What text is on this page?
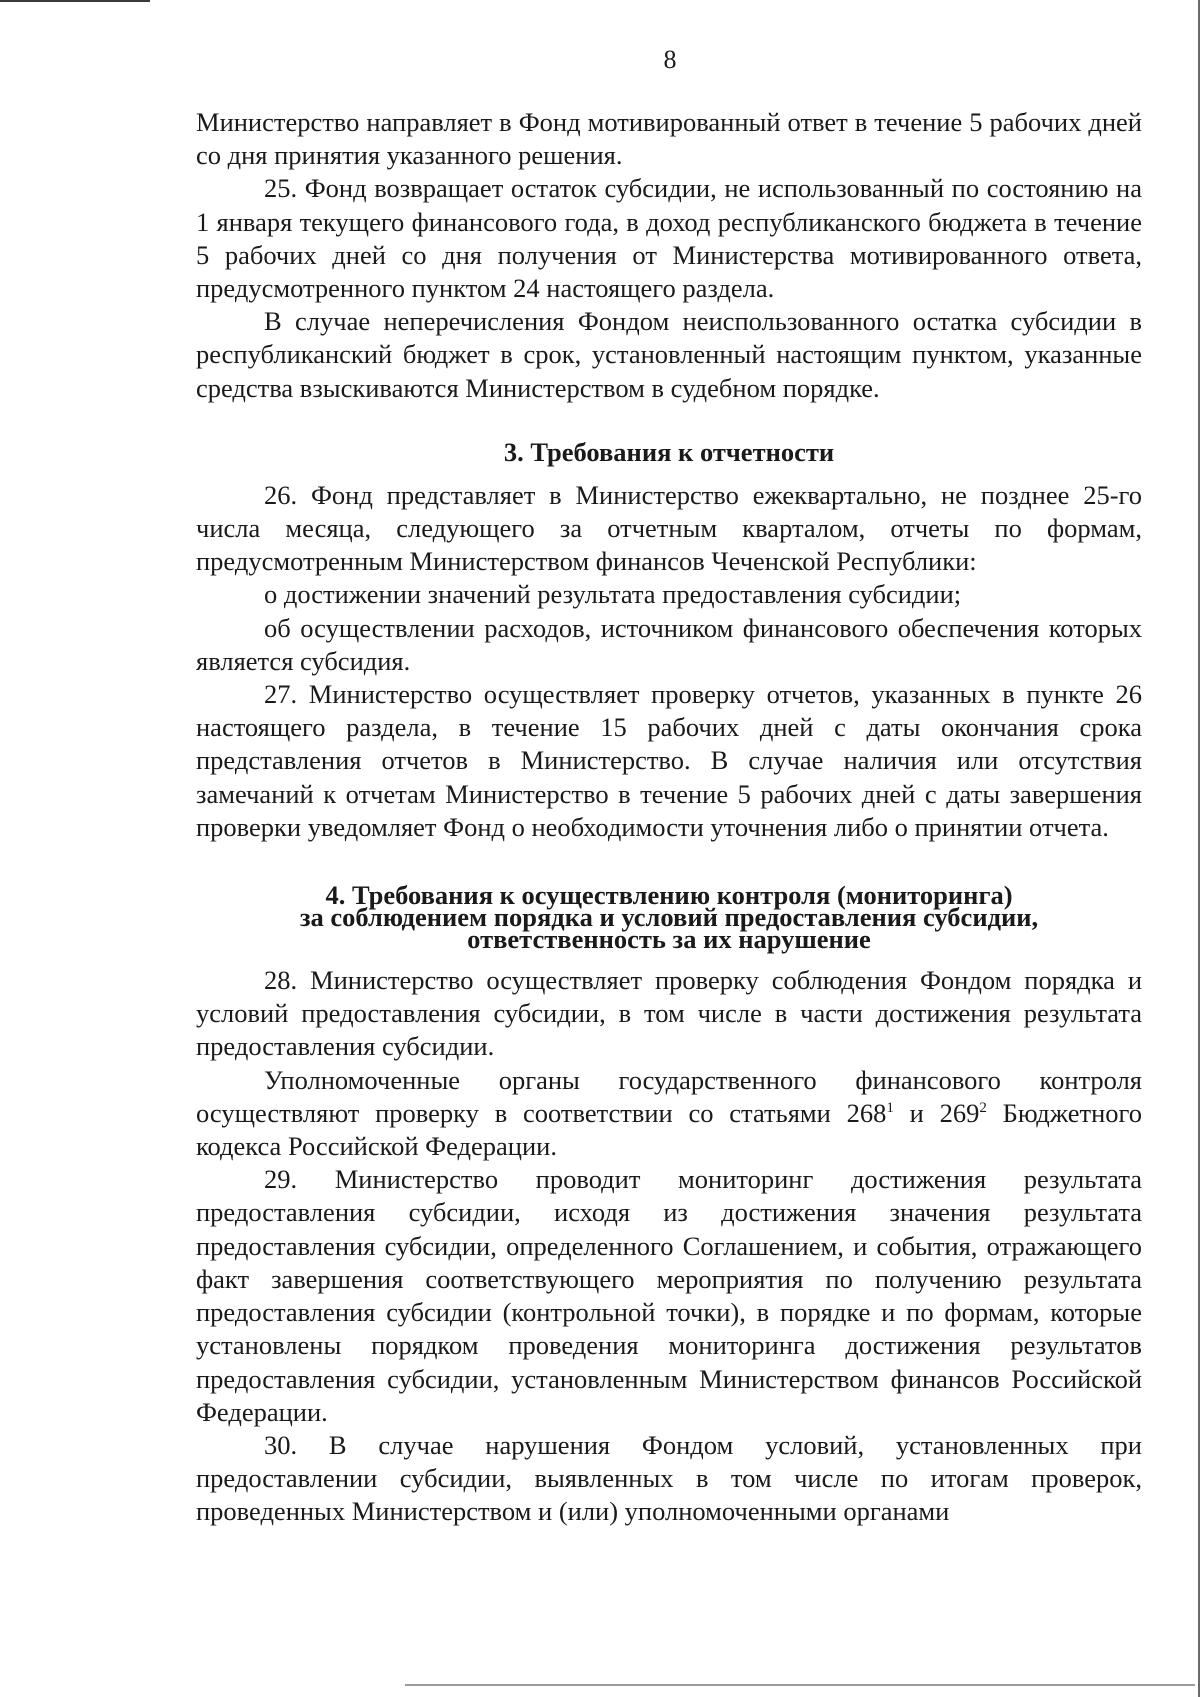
8

Министерство направляет в Фонд мотивированный ответ в течение 5 рабочих дней со дня принятия указанного решения.

25. Фонд возвращает остаток субсидии, не использованный по состоянию на 1 января текущего финансового года, в доход республиканского бюджета в течение 5 рабочих дней со дня получения от Министерства мотивированного ответа, предусмотренного пунктом 24 настоящего раздела.

В случае неперечисления Фондом неиспользованного остатка субсидии в республиканский бюджет в срок, установленный настоящим пунктом, указанные средства взыскиваются Министерством в судебном порядке.

3. Требования к отчетности

26. Фонд представляет в Министерство ежеквартально, не позднее 25-го числа месяца, следующего за отчетным кварталом, отчеты по формам, предусмотренным Министерством финансов Чеченской Республики:

о достижении значений результата предоставления субсидии;

об осуществлении расходов, источником финансового обеспечения которых является субсидия.

27. Министерство осуществляет проверку отчетов, указанных в пункте 26 настоящего раздела, в течение 15 рабочих дней с даты окончания срока представления отчетов в Министерство. В случае наличия или отсутствия замечаний к отчетам Министерство в течение 5 рабочих дней с даты завершения проверки уведомляет Фонд о необходимости уточнения либо о принятии отчета.

4. Требования к осуществлению контроля (мониторинга)
за соблюдением порядка и условий предоставления субсидии,
ответственность за их нарушение

28. Министерство осуществляет проверку соблюдения Фондом порядка и условий предоставления субсидии, в том числе в части достижения результата предоставления субсидии.

Уполномоченные органы государственного финансового контроля осуществляют проверку в соответствии со статьями $268^1$ и $269^2$ Бюджетного кодекса Российской Федерации.

29. Министерство проводит мониторинг достижения результата предоставления субсидии, исходя из достижения значения результата предоставления субсидии, определенного Соглашением, и события, отражающего факт завершения соответствующего мероприятия по получению результата предоставления субсидии (контрольной точки), в порядке и по формам, которые установлены порядком проведения мониторинга достижения результатов предоставления субсидии, установленным Министерством финансов Российской Федерации.

30. В случае нарушения Фондом условий, установленных при предоставлении субсидии, выявленных в том числе по итогам проверок, проведенных Министерством и (или) уполномоченными органами
